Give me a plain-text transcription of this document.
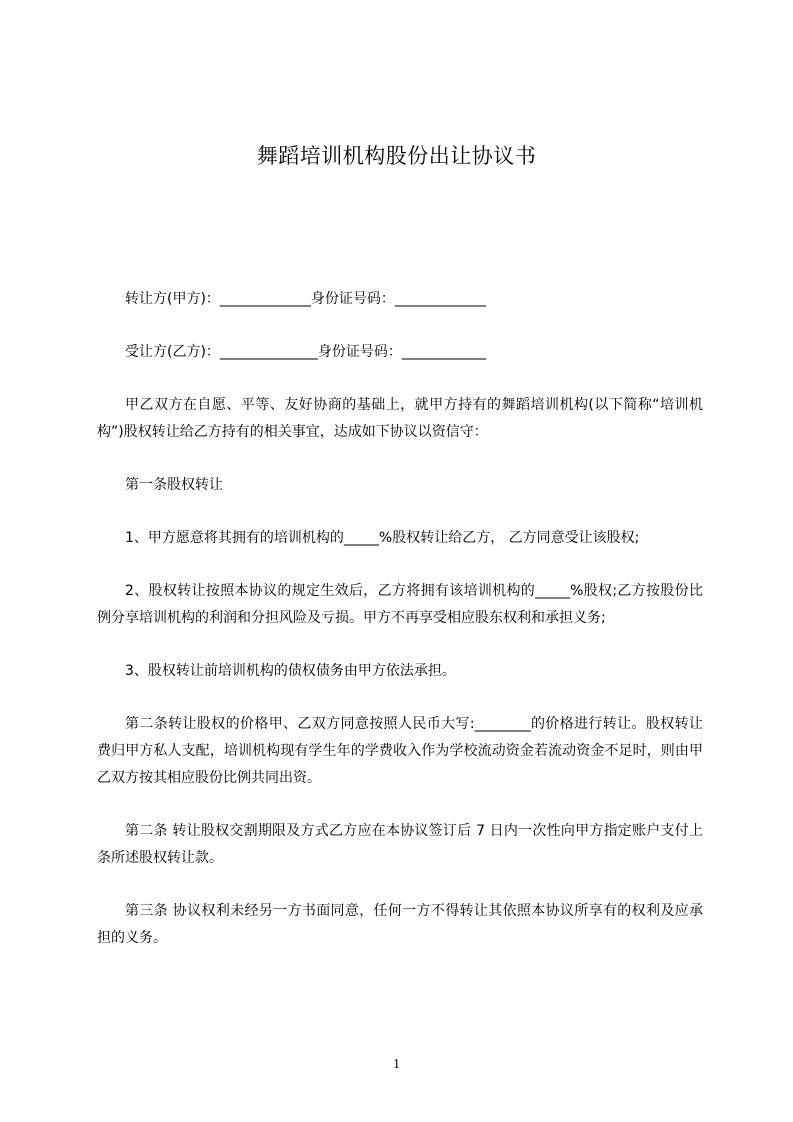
舞蹈培训机构股份出让协议书

转让方(甲方)：_____________身份证号码：_____________

受让方(乙方)：______________身份证号码：____________

甲乙双方在自愿、平等、友好协商的基础上，就甲方持有的舞蹈培训机构(以下简称“培训机构”)股权转让给乙方持有的相关事宜，达成如下协议以资信守：

第一条股权转让

1、甲方愿意将其拥有的培训机构的_____%股权转让给乙方， 乙方同意受让该股权;

2、股权转让按照本协议的规定生效后，乙方将拥有该培训机构的_____%股权;乙方按股份比例分享培训机构的利润和分担风险及亏损。甲方不再享受相应股东权利和承担义务;

3、股权转让前培训机构的债权债务由甲方依法承担。

第二条转让股权的价格甲、乙双方同意按照人民币大写:________的价格进行转让。股权转让费归甲方私人支配，培训机构现有学生年的学费收入作为学校流动资金若流动资金不足时，则由甲乙双方按其相应股份比例共同出资。

第二条 转让股权交割期限及方式乙方应在本协议签订后 7 日内一次性向甲方指定账户支付上条所述股权转让款。

第三条 协议权利未经另一方书面同意，任何一方不得转让其依照本协议所享有的权利及应承担的义务。

1
